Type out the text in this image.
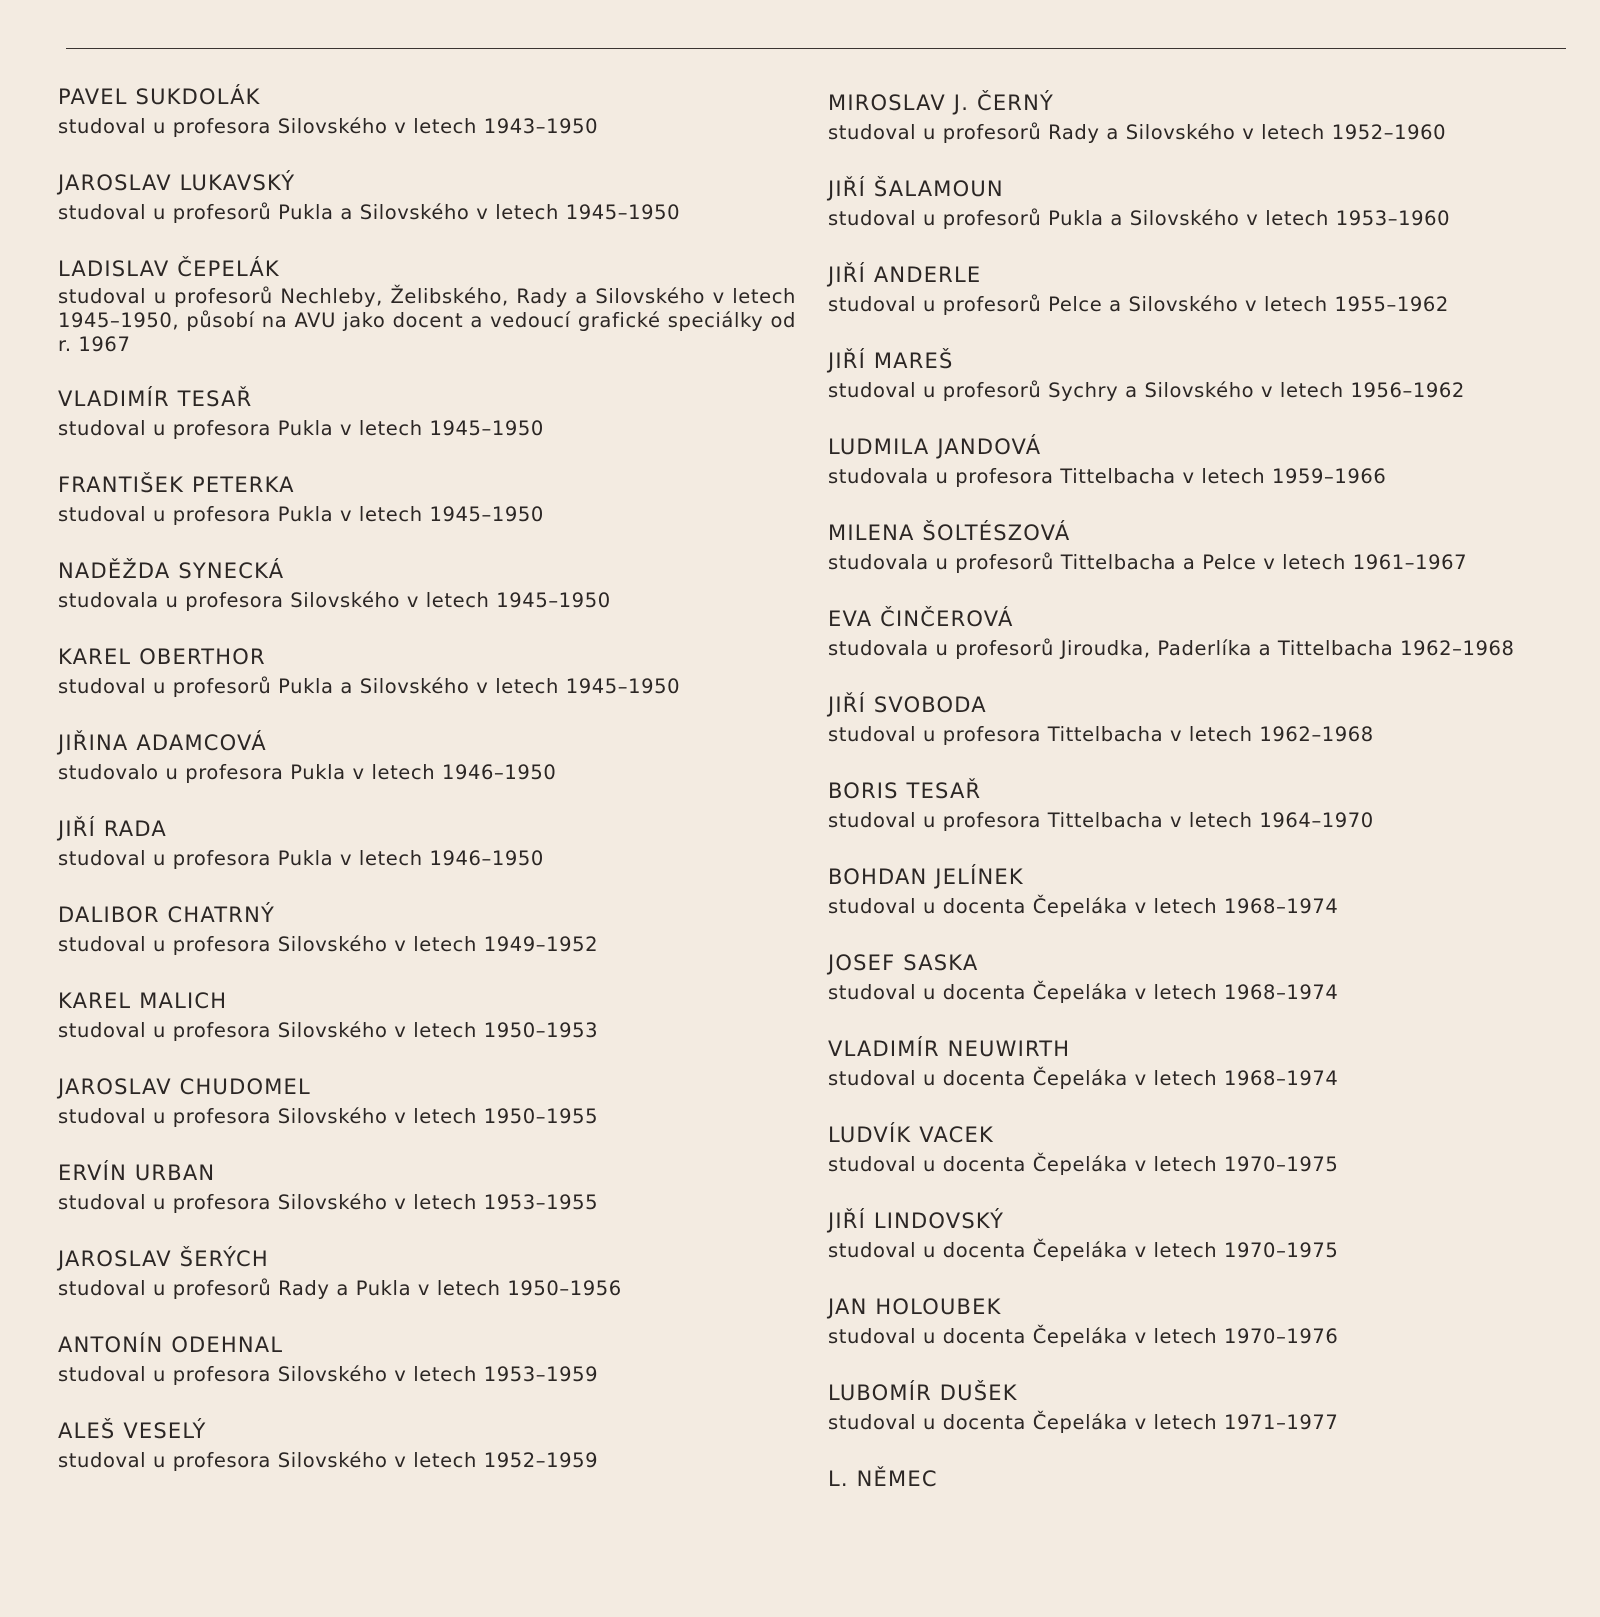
PAVEL SUKDOLÁK
studoval u profesora Silovského v letech 1943–1950
JAROSLAV LUKAVSKÝ
studoval u profesorů Pukla a Silovského v letech 1945–1950
LADISLAV ČEPELÁK
studoval u profesorů Nechleby, Želibského, Rady a Silovského v letech 1945–1950, působí na AVU jako docent a vedoucí grafické speciálky od r. 1967
VLADIMÍR TESAŘ
studoval u profesora Pukla v letech 1945–1950
FRANTIŠEK PETERKA
studoval u profesora Pukla v letech 1945–1950
NADĚŽDA SYNECKÁ
studovala u profesora Silovského v letech 1945–1950
KAREL OBERTHOR
studoval u profesorů Pukla a Silovského v letech 1945–1950
JIŘINA ADAMCOVÁ
studovalo u profesora Pukla v letech 1946–1950
JIŘÍ RADA
studoval u profesora Pukla v letech 1946–1950
DALIBOR CHATRNÝ
studoval u profesora Silovského v letech 1949–1952
KAREL MALICH
studoval u profesora Silovského v letech 1950–1953
JAROSLAV CHUDOMEL
studoval u profesora Silovského v letech 1950–1955
ERVÍN URBAN
studoval u profesora Silovského v letech 1953–1955
JAROSLAV ŠERÝCH
studoval u profesorů Rady a Pukla v letech 1950–1956
ANTONÍN ODEHNAL
studoval u profesora Silovského v letech 1953–1959
ALEŠ VESELÝ
studoval u profesora Silovského v letech 1952–1959
MIROSLAV J. ČERNÝ
studoval u profesorů Rady a Silovského v letech 1952–1960
JIŘÍ ŠALAMOUN
studoval u profesorů Pukla a Silovského v letech 1953–1960
JIŘÍ ANDERLE
studoval u profesorů Pelce a Silovského v letech 1955–1962
JIŘÍ MAREŠ
studoval u profesorů Sychry a Silovského v letech 1956–1962
LUDMILA JANDOVÁ
studovala u profesora Tittelbacha v letech 1959–1966
MILENA ŠOLTÉSZOVÁ
studovala u profesorů Tittelbacha a Pelce v letech 1961–1967
EVA ČINČEROVÁ
studovala u profesorů Jiroudka, Paderlíka a Tittelbacha 1962–1968
JIŘÍ SVOBODA
studoval u profesora Tittelbacha v letech 1962–1968
BORIS TESAŘ
studoval u profesora Tittelbacha v letech 1964–1970
BOHDAN JELÍNEK
studoval u docenta Čepeláka v letech 1968–1974
JOSEF SASKA
studoval u docenta Čepeláka v letech 1968–1974
VLADIMÍR NEUWIRTH
studoval u docenta Čepeláka v letech 1968–1974
LUDVÍK VACEK
studoval u docenta Čepeláka v letech 1970–1975
JIŘÍ LINDOVSKÝ
studoval u docenta Čepeláka v letech 1970–1975
JAN HOLOUBEK
studoval u docenta Čepeláka v letech 1970–1976
LUBOMÍR DUŠEK
studoval u docenta Čepeláka v letech 1971–1977
L. NĚMEC
